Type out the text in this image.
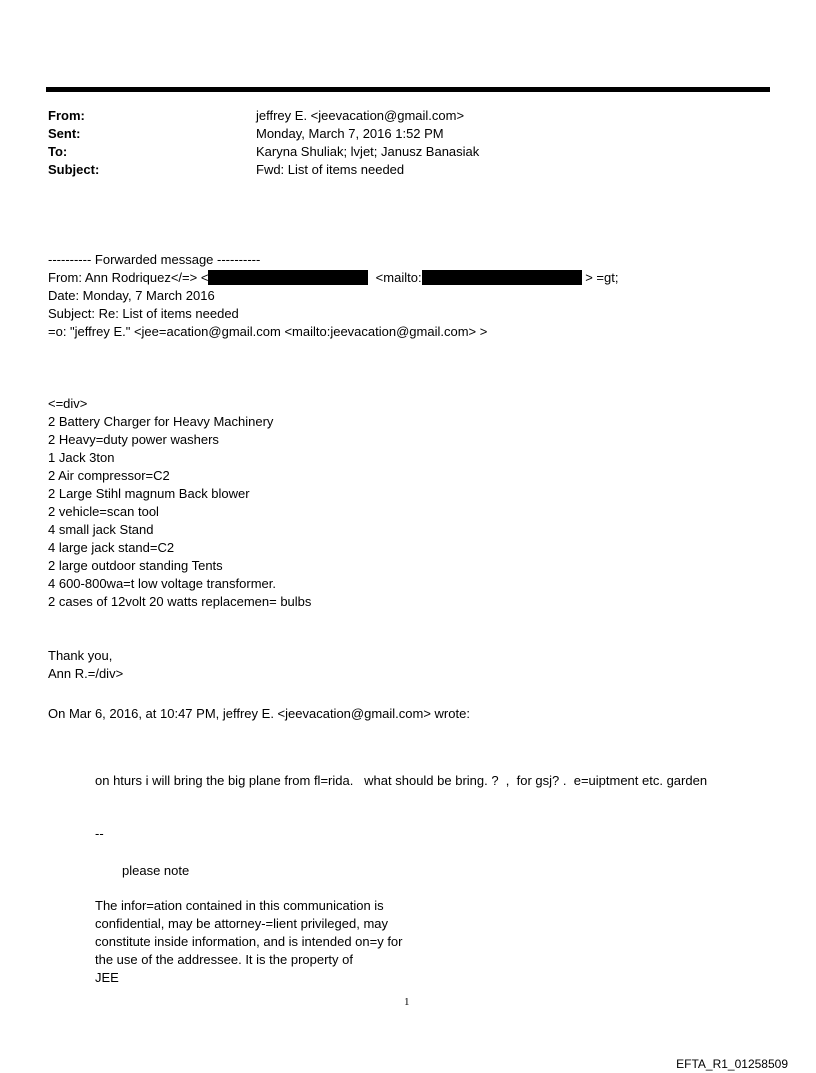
From:	jeffrey E. <jeevacation@gmail.com>
Sent:	Monday, March 7, 2016 1:52 PM
To:	Karyna Shuliak; lvjet; Janusz Banasiak
Subject:	Fwd: List of items needed
---------- Forwarded message ----------
From: Ann Rodriquez</=> <	<mailto:	> =gt;
Date: Monday, 7 March 2016
Subject: Re: List of items needed
=o: "jeffrey E." <jee=acation@gmail.com <mailto:jeevacation@gmail.com> >
<=div>
2 Battery Charger for Heavy Machinery
2 Heavy=duty power washers
1 Jack 3ton
2 Air compressor=C2
2 Large Stihl magnum Back blower
2 vehicle=scan tool
4 small jack Stand
4 large jack stand=C2
2 large outdoor standing Tents
4 600-800wa=t low voltage transformer.
2 cases of 12volt 20 watts replacemen= bulbs
Thank you,
Ann R.=/div>
On Mar 6, 2016, at 10:47 PM, jeffrey E. <jeevacation@gmail.com> wrote:
on hturs i will bring the big plane from fl=rida.   what should be bring. ?  ,  for gsj? .  e=uiptment etc. garden
--
please note
The infor=ation contained in this communication is
confidential, may be attorney-=lient privileged, may
constitute inside information, and is intended on=y for
the use of the addressee. It is the property of
JEE
1
EFTA_R1_01258509
